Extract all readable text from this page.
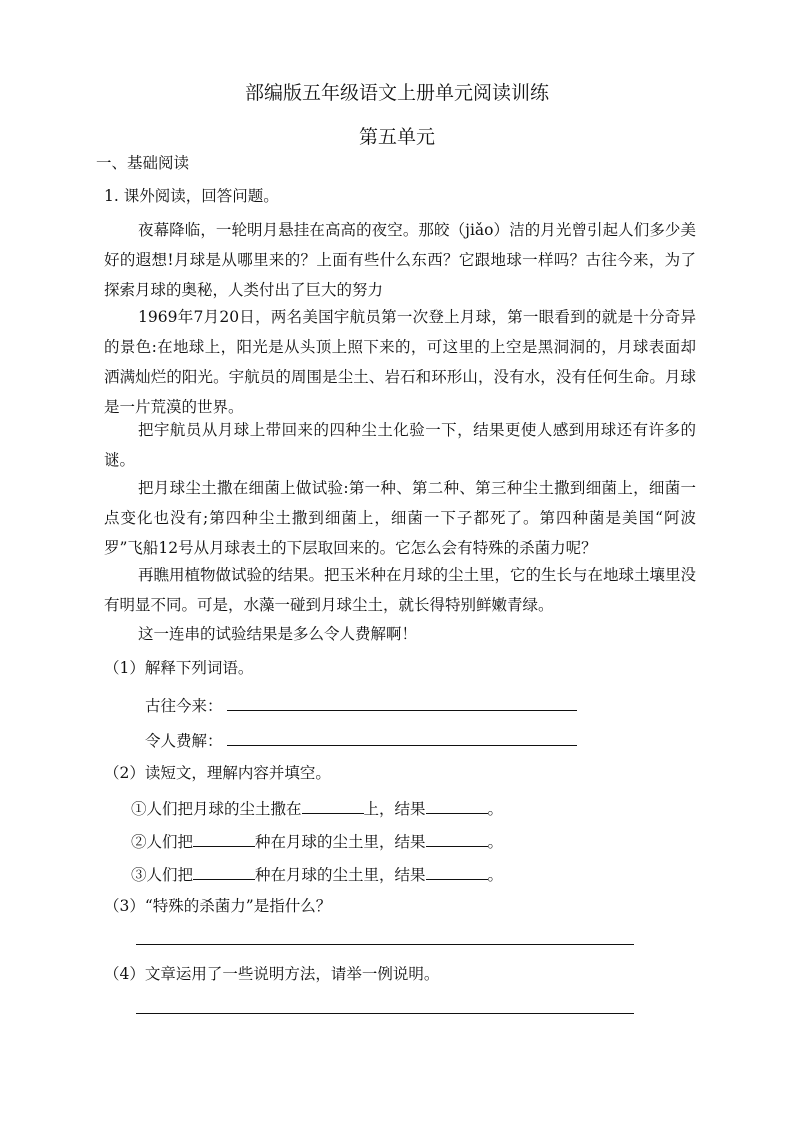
部编版五年级语文上册单元阅读训练
第五单元
一、基础阅读
1. 课外阅读，回答问题。

夜幕降临，一轮明月悬挂在高高的夜空。那皎（jiǎo）洁的月光曾引起人们多少美好的遐想!月球是从哪里来的？上面有些什么东西？它跟地球一样吗？古往今来，为了探索月球的奥秘，人类付出了巨大的努力

1969年7月20日，两名美国宇航员第一次登上月球，第一眼看到的就是十分奇异的景色:在地球上，阳光是从头顶上照下来的，可这里的上空是黑洞洞的，月球表面却洒满灿烂的阳光。宇航员的周围是尘土、岩石和环形山，没有水，没有任何生命。月球是一片荒漠的世界。

把宇航员从月球上带回来的四种尘土化验一下，结果更使人感到用球还有许多的谜。

把月球尘土撒在细菌上做试验:第一种、第二种、第三种尘土撒到细菌上，细菌一点变化也没有;第四种尘土撒到细菌上，细菌一下子都死了。第四种菌是美国“阿波罗”飞船12号从月球表土的下层取回来的。它怎么会有特殊的杀菌力呢？

再瞧用植物做试验的结果。把玉米种在月球的尘土里，它的生长与在地球土壤里没有明显不同。可是，水藻一碰到月球尘土，就长得特别鲜嫩青绿。

这一连串的试验结果是多么令人费解啊！

（1）解释下列词语。
古往今来：
令人费解：
（2）读短文，理解内容并填空。
①人们把月球的尘土撒在	上，结果	。
②人们把	种在月球的尘土里，结果	。
③人们把	种在月球的尘土里，结果	。
（3）“特殊的杀菌力”是指什么？
（4）文章运用了一些说明方法，请举一例说明。
